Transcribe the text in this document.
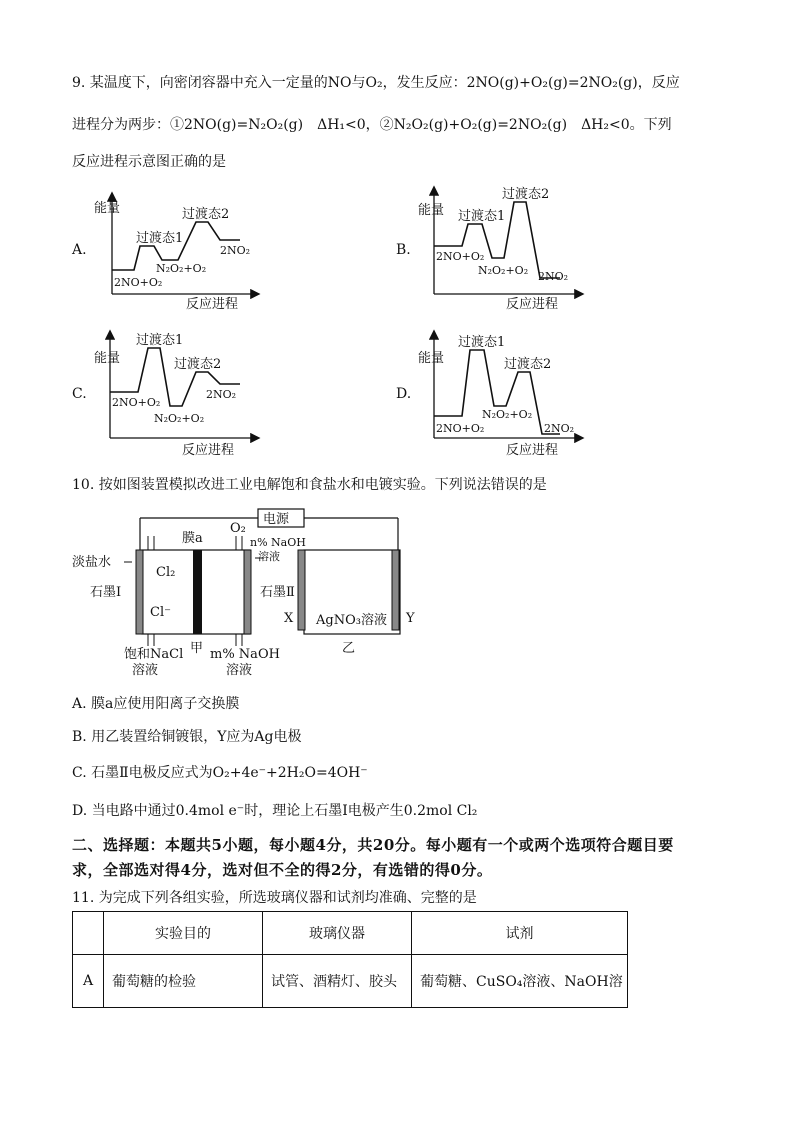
9. 某温度下，向密闭容器中充入一定量的NO与O₂，发生反应：2NO(g)+O₂(g)=2NO₂(g)，反应
进程分为两步：①2NO(g)=N₂O₂(g)　ΔH₁<0，②N₂O₂(g)+O₂(g)=2NO₂(g)　ΔH₂<0。下列
反应进程示意图正确的是
A.
能量
反应进程
过渡态1
过渡态2
2NO+O₂
N₂O₂+O₂
2NO₂	B.
能量
反应进程
过渡态1
过渡态2
2NO+O₂
N₂O₂+O₂ 2NO₂
C.
能量
反应进程
过渡态1
过渡态2
2NO+O₂
N₂O₂+O₂
2NO₂	D.
能量
反应进程
过渡态1
过渡态2
2NO+O₂
N₂O₂+O₂
2NO₂
10. 按如图装置模拟改进工业电解饱和食盐水和电镀实验。下列说法错误的是
电源
淡盐水
膜a
O₂
n% NaOH
溶液
Cl₂
Cl⁻
石墨Ⅰ	石墨Ⅱ
饱和NaCl
溶液
甲 m% NaOH
溶液
X	Y
AgNO₃溶液
乙
A. 膜a应使用阳离子交换膜
B. 用乙装置给铜镀银，Y应为Ag电极
C. 石墨Ⅱ电极反应式为O₂+4e⁻+2H₂O=4OH⁻
D. 当电路中通过0.4mol e⁻时，理论上石墨Ⅰ电极产生0.2mol Cl₂
二、选择题：本题共5小题，每小题4分，共20分。每小题有一个或两个选项符合题目要
求，全部选对得4分，选对但不全的得2分，有选错的得0分。
11. 为完成下列各组实验，所选玻璃仪器和试剂均准确、完整的是
	实验目的	玻璃仪器	试剂
A	葡萄糖的检验	试管、酒精灯、胶头	葡萄糖、CuSO₄溶液、NaOH溶
